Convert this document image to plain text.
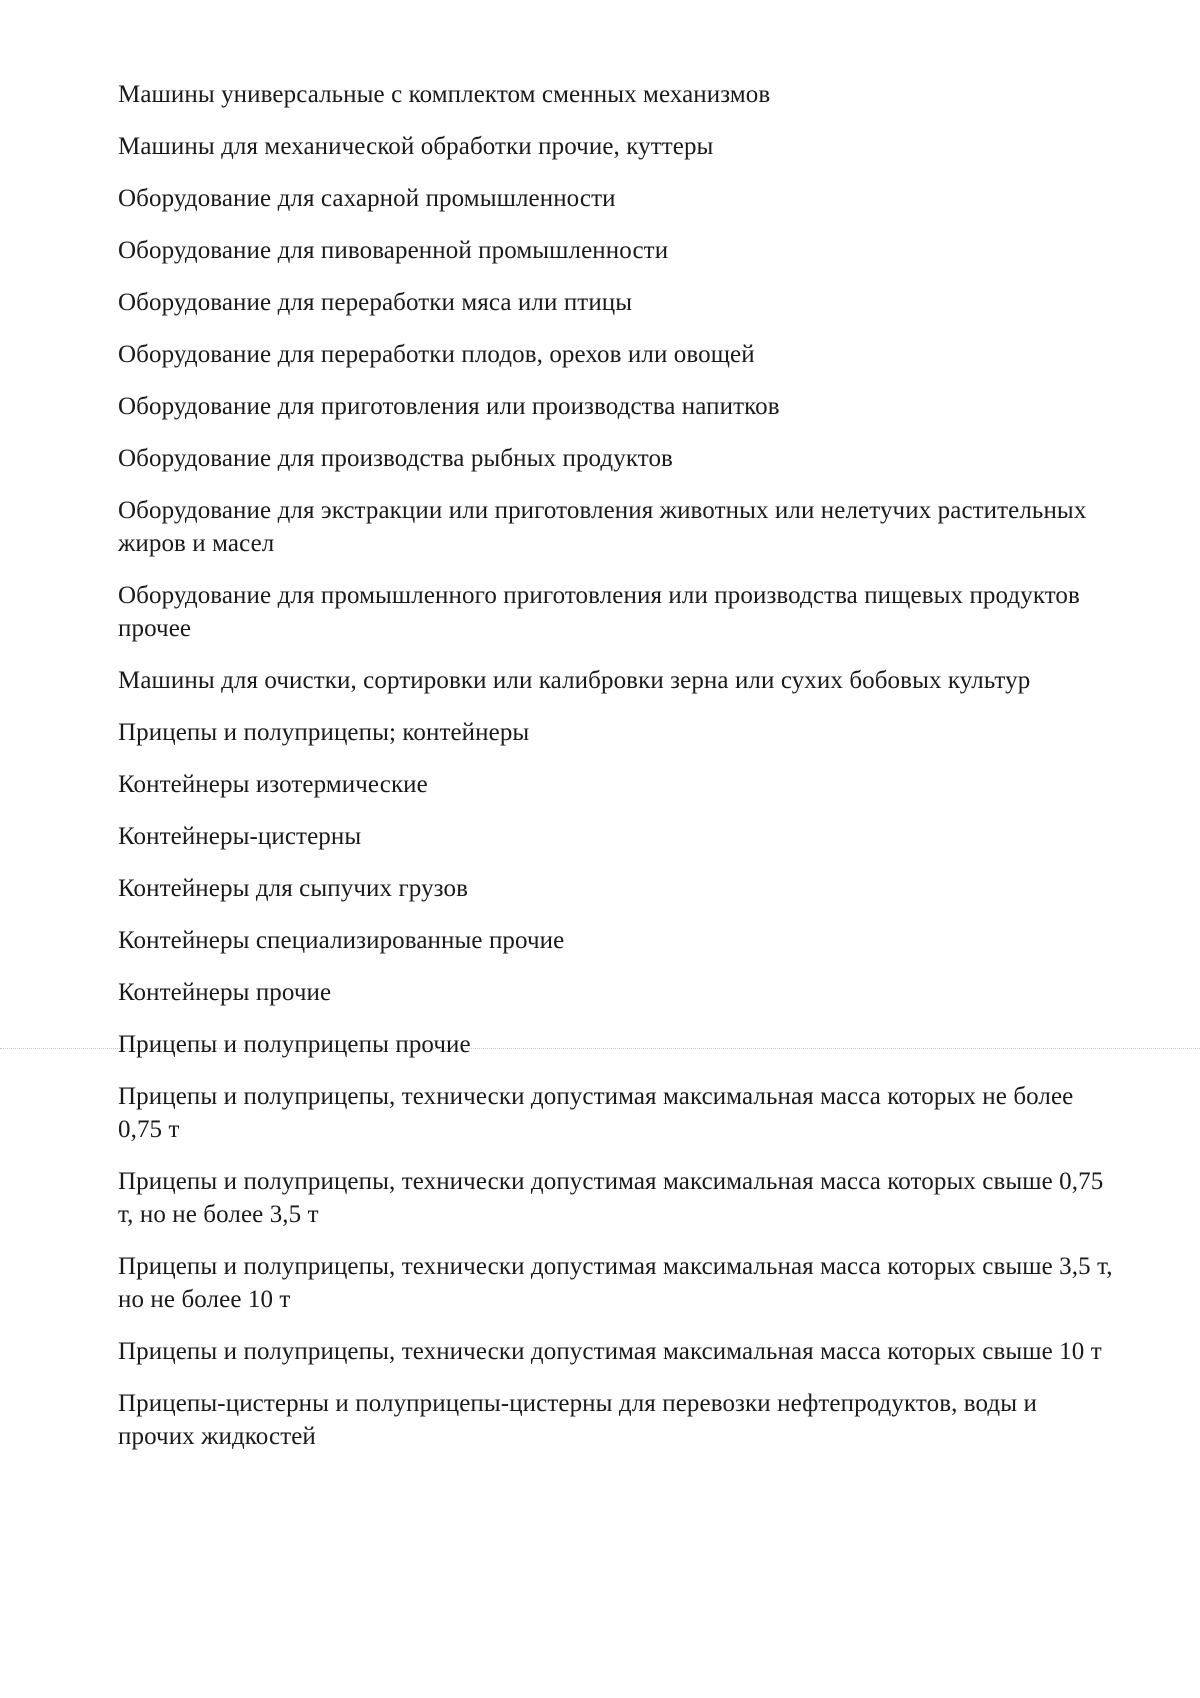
Машины универсальные с комплектом сменных механизмов
Машины для механической обработки прочие, куттеры
Оборудование для сахарной промышленности
Оборудование для пивоваренной промышленности
Оборудование для переработки мяса или птицы
Оборудование для переработки плодов, орехов или овощей
Оборудование для приготовления или производства напитков
Оборудование для производства рыбных продуктов
Оборудование для экстракции или приготовления животных или нелетучих растительных жиров и масел
Оборудование для промышленного приготовления или производства пищевых продуктов прочее
Машины для очистки, сортировки или калибровки зерна или сухих бобовых культур
Прицепы и полуприцепы; контейнеры
Контейнеры изотермические
Контейнеры-цистерны
Контейнеры для сыпучих грузов
Контейнеры специализированные прочие
Контейнеры прочие
Прицепы и полуприцепы прочие
Прицепы и полуприцепы, технически допустимая максимальная масса которых не более 0,75 т
Прицепы и полуприцепы, технически допустимая максимальная масса которых свыше 0,75 т, но не более 3,5 т
Прицепы и полуприцепы, технически допустимая максимальная масса которых свыше 3,5 т, но не более 10 т
Прицепы и полуприцепы, технически допустимая максимальная масса которых свыше 10 т
Прицепы-цистерны и полуприцепы-цистерны для перевозки нефтепродуктов, воды и прочих жидкостей
